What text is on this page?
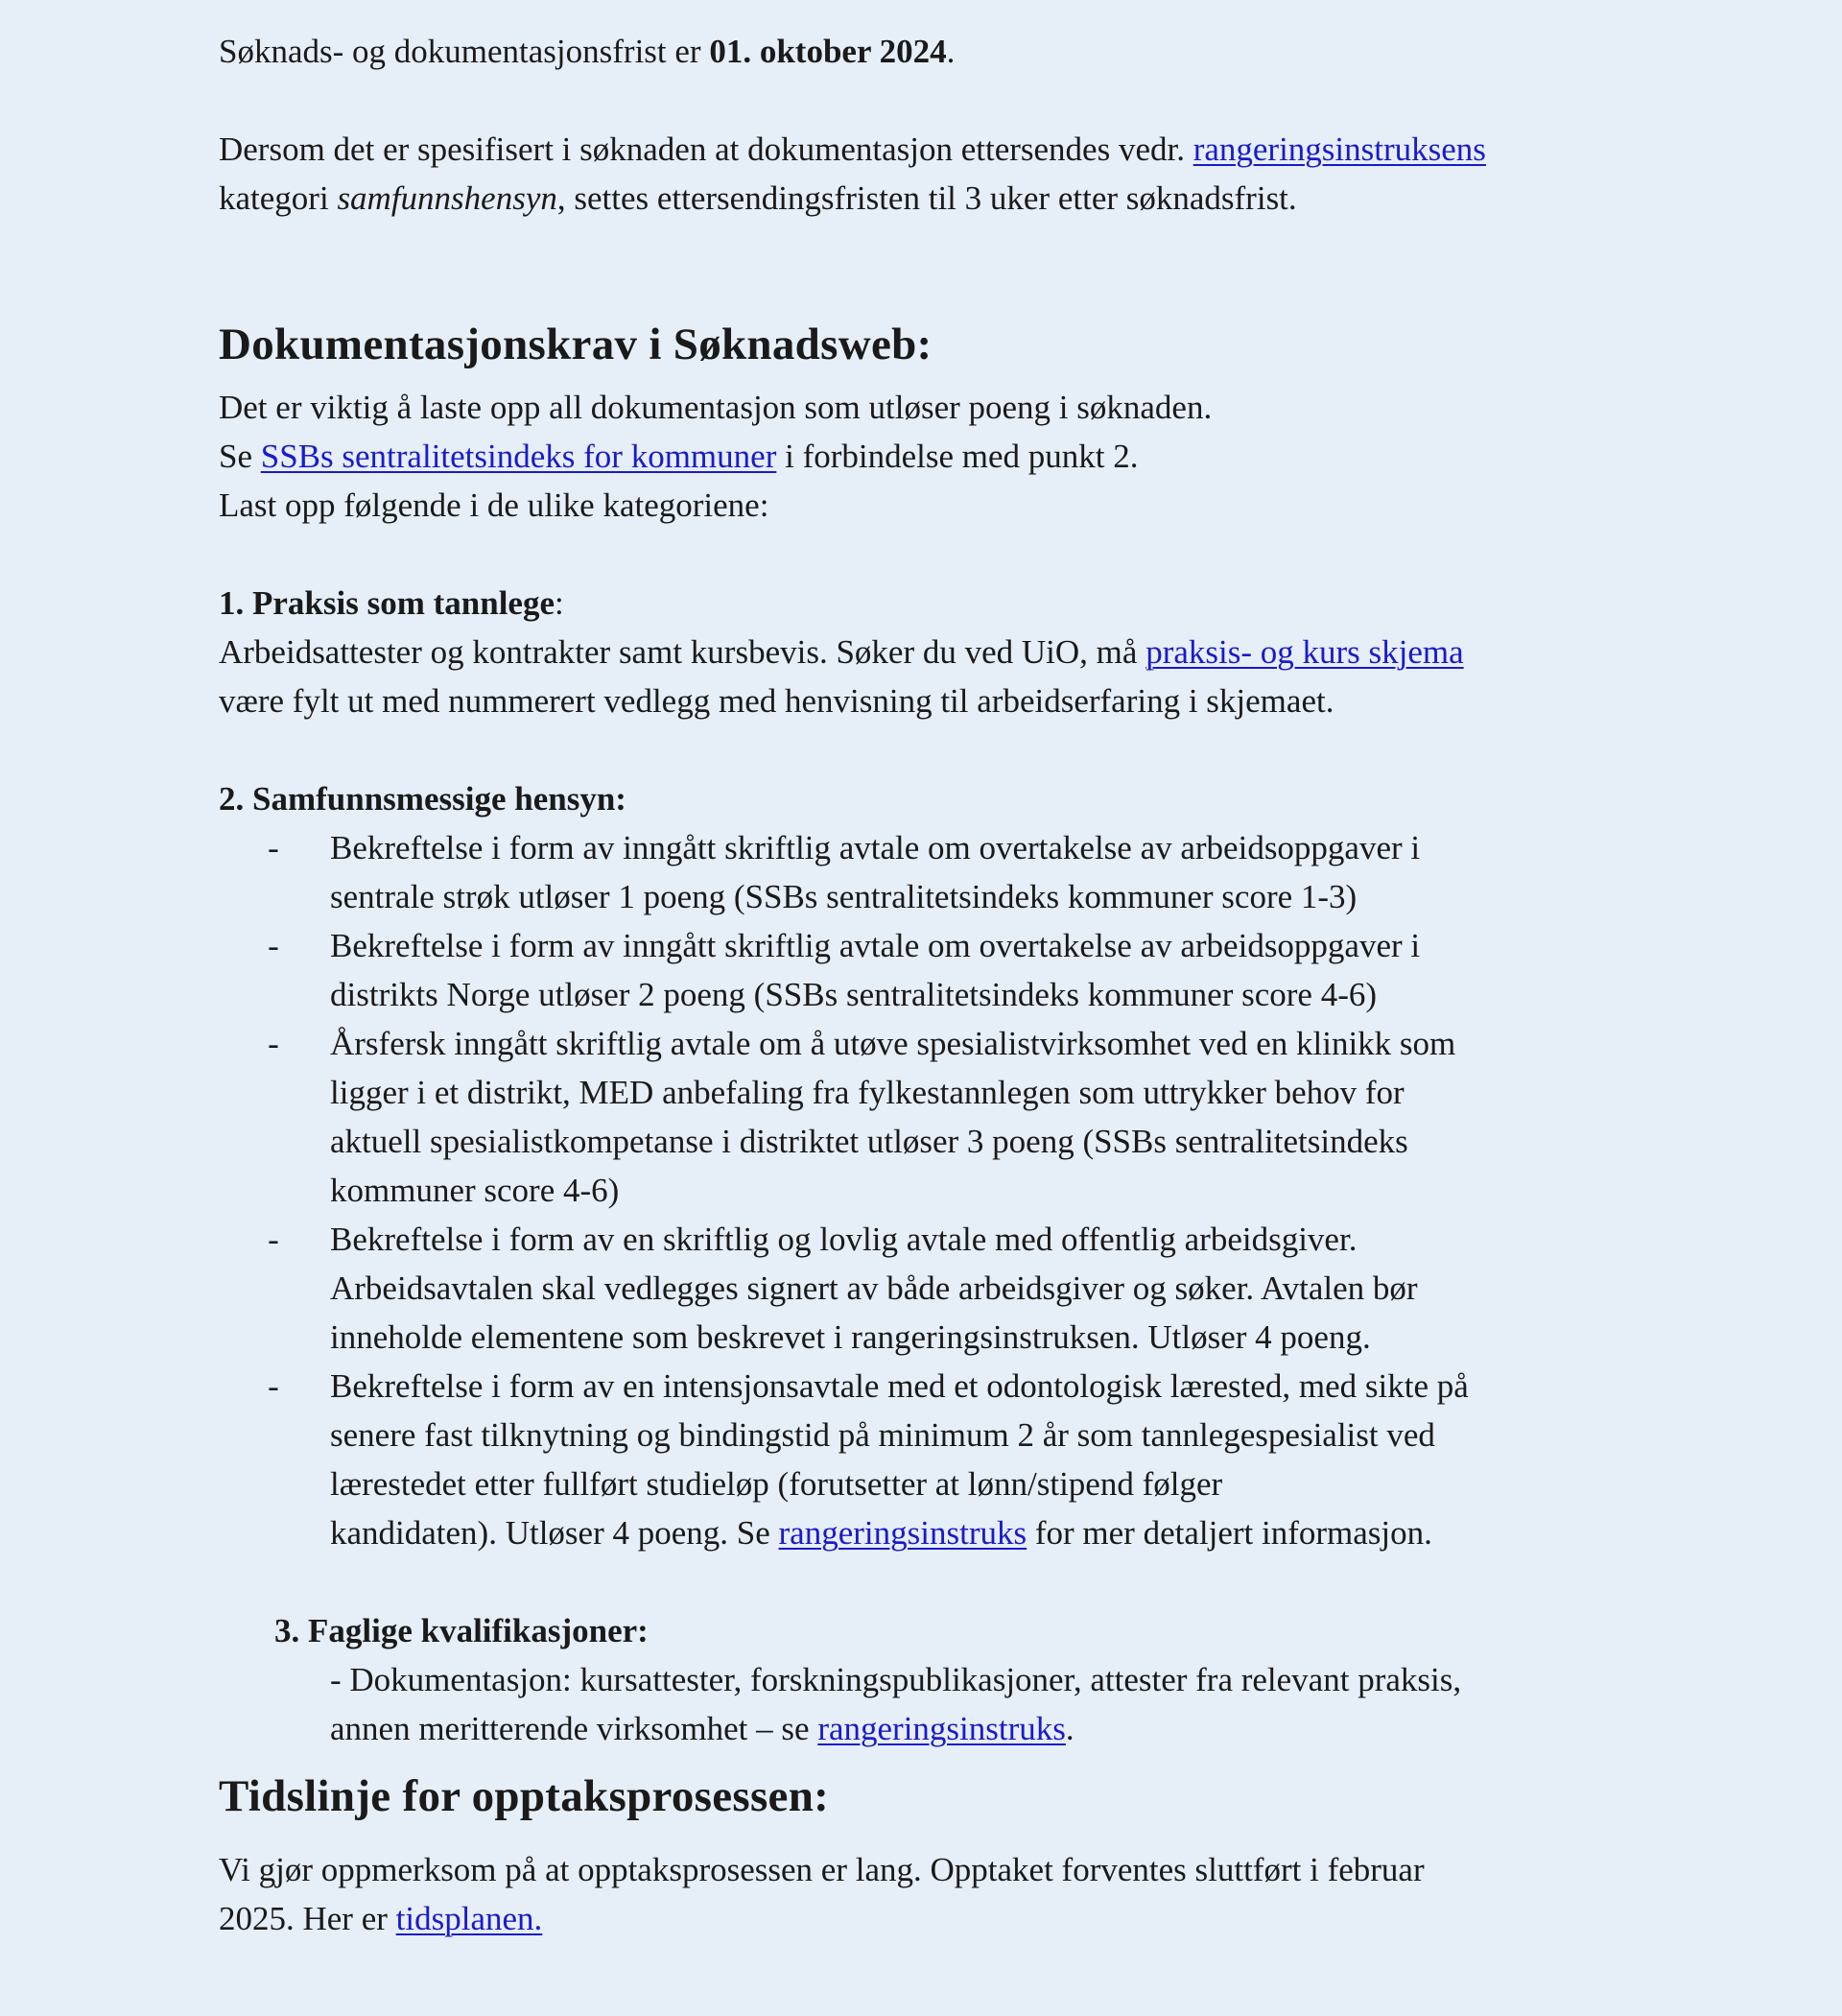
Søknads- og dokumentasjonsfrist er 01. oktober 2024.

Dersom det er spesifisert i søknaden at dokumentasjon ettersendes vedr. rangeringsinstruksens

kategori samfunnshensyn, settes ettersendingsfristen til 3 uker etter søknadsfrist.

Dokumentasjonskrav i Søknadsweb:

Det er viktig å laste opp all dokumentasjon som utløser poeng i søknaden.

Se SSBs sentralitetsindeks for kommuner i forbindelse med punkt 2.

Last opp følgende i de ulike kategoriene:

1. Praksis som tannlege:

Arbeidsattester og kontrakter samt kursbevis. Søker du ved UiO, må praksis- og kurs skjema

være fylt ut med nummerert vedlegg med henvisning til arbeidserfaring i skjemaet.

2. Samfunnsmessige hensyn:

-	Bekreftelse i form av inngått skriftlig avtale om overtakelse av arbeidsoppgaver i

sentrale strøk utløser 1 poeng (SSBs sentralitetsindeks kommuner score 1-3)

-	Bekreftelse i form av inngått skriftlig avtale om overtakelse av arbeidsoppgaver i

distrikts Norge utløser 2 poeng (SSBs sentralitetsindeks kommuner score 4-6)

-	Årsfersk inngått skriftlig avtale om å utøve spesialistvirksomhet ved en klinikk som

ligger i et distrikt, MED anbefaling fra fylkestannlegen som uttrykker behov for

aktuell spesialistkompetanse i distriktet utløser 3 poeng (SSBs sentralitetsindeks

kommuner score 4-6)

-	Bekreftelse i form av en skriftlig og lovlig avtale med offentlig arbeidsgiver.

Arbeidsavtalen skal vedlegges signert av både arbeidsgiver og søker. Avtalen bør

inneholde elementene som beskrevet i rangeringsinstruksen. Utløser 4 poeng.

-	Bekreftelse i form av en intensjonsavtale med et odontologisk lærested, med sikte på

senere fast tilknytning og bindingstid på minimum 2 år som tannlegespesialist ved

lærestedet etter fullført studieløp (forutsetter at lønn/stipend følger

kandidaten). Utløser 4 poeng. Se rangeringsinstruks for mer detaljert informasjon.

3. Faglige kvalifikasjoner:

- Dokumentasjon: kursattester, forskningspublikasjoner, attester fra relevant praksis,

annen meritterende virksomhet – se rangeringsinstruks.

Tidslinje for opptaksprosessen:

Vi gjør oppmerksom på at opptaksprosessen er lang. Opptaket forventes sluttført i februar

2025. Her er tidsplanen.
